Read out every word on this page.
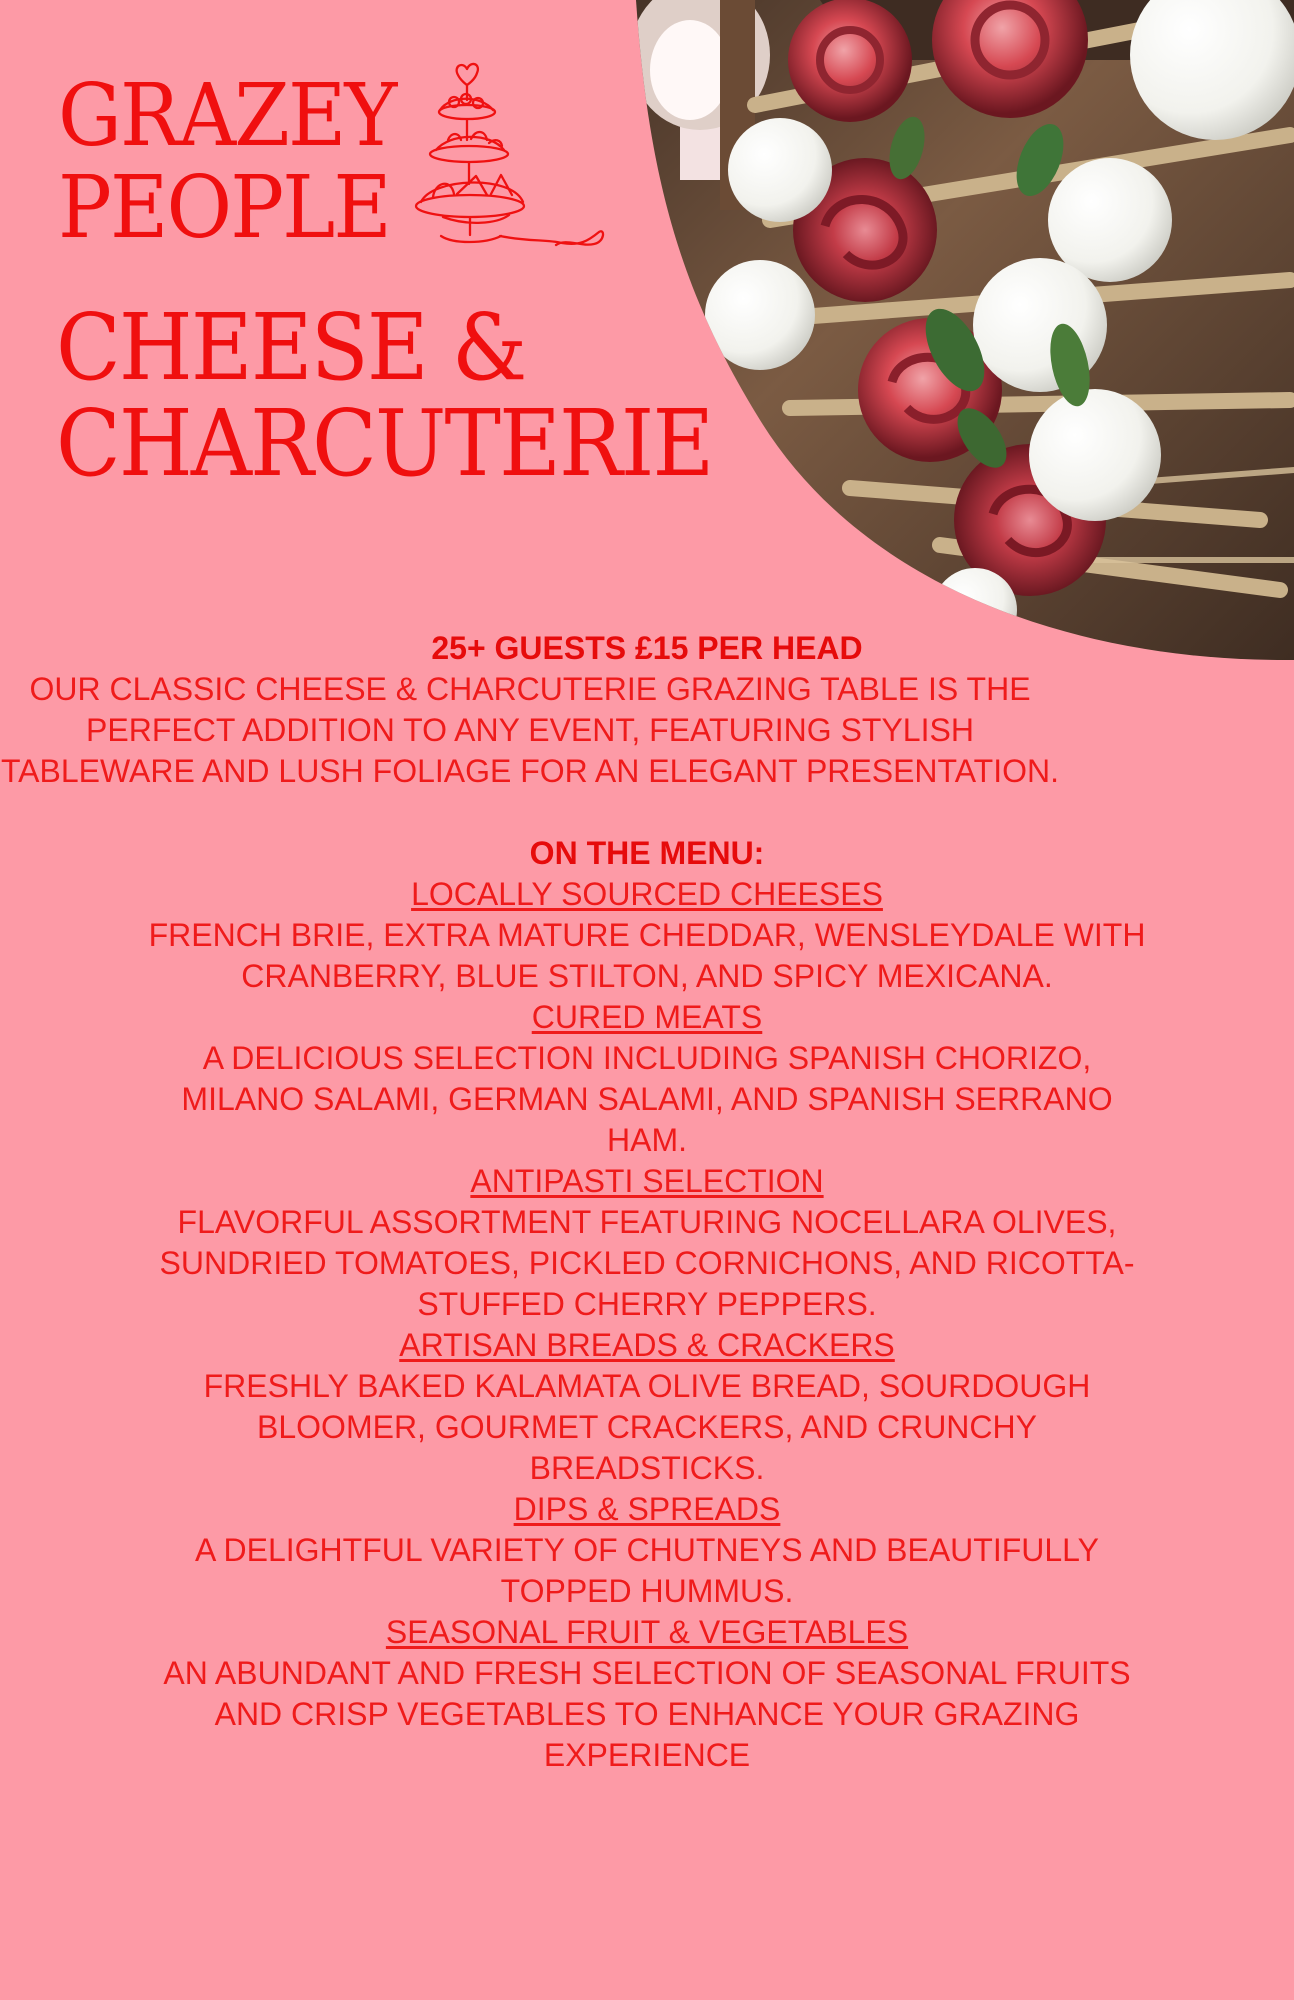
GRAZEY
PEOPLE
CHEESE &
CHARCUTERIE

25+ GUESTS £15 PER HEAD

OUR CLASSIC CHEESE & CHARCUTERIE GRAZING TABLE IS THE PERFECT ADDITION TO ANY EVENT, FEATURING STYLISH TABLEWARE AND LUSH FOLIAGE FOR AN ELEGANT PRESENTATION.

ON THE MENU:

LOCALLY SOURCED CHEESES

FRENCH BRIE, EXTRA MATURE CHEDDAR, WENSLEYDALE WITH CRANBERRY, BLUE STILTON, AND SPICY MEXICANA.

CURED MEATS

A DELICIOUS SELECTION INCLUDING SPANISH CHORIZO, MILANO SALAMI, GERMAN SALAMI, AND SPANISH SERRANO HAM.

ANTIPASTI SELECTION

FLAVORFUL ASSORTMENT FEATURING NOCELLARA OLIVES, SUNDRIED TOMATOES, PICKLED CORNICHONS, AND RICOTTA-STUFFED CHERRY PEPPERS.

ARTISAN BREADS & CRACKERS

FRESHLY BAKED KALAMATA OLIVE BREAD, SOURDOUGH BLOOMER, GOURMET CRACKERS, AND CRUNCHY BREADSTICKS.

DIPS & SPREADS

A DELIGHTFUL VARIETY OF CHUTNEYS AND BEAUTIFULLY TOPPED HUMMUS.

SEASONAL FRUIT & VEGETABLES

AN ABUNDANT AND FRESH SELECTION OF SEASONAL FRUITS AND CRISP VEGETABLES TO ENHANCE YOUR GRAZING EXPERIENCE
